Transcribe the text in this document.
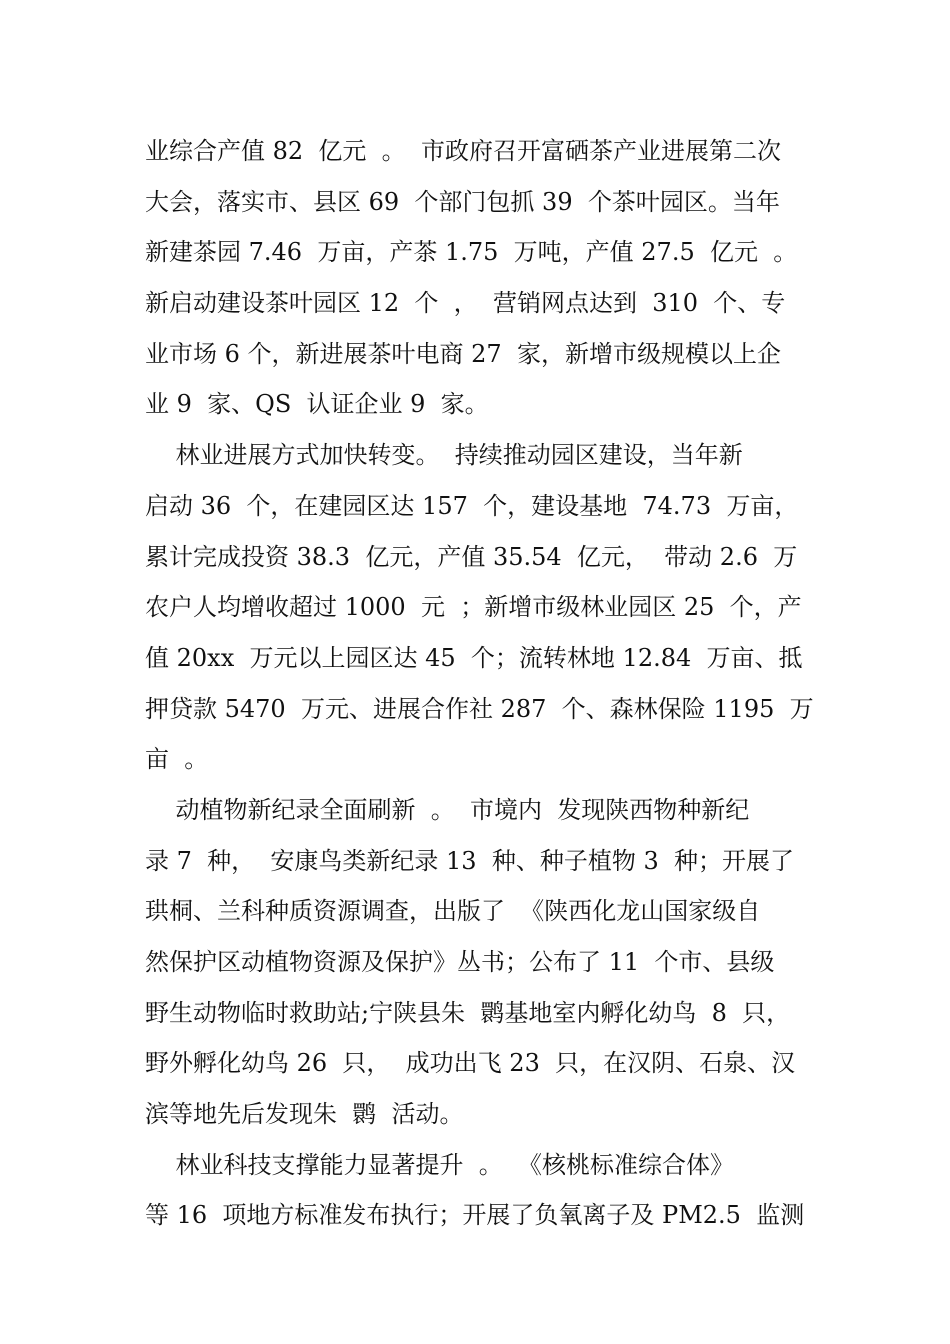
业综合产值 82  亿元  。  市政府召开富硒茶产业进展第二次
大会，落实市、县区 69  个部门包抓 39  个茶叶园区。当年
新建茶园 7.46  万亩，产茶 1.75  万吨，产值 27.5  亿元  。
新启动建设茶叶园区 12  个  ，  营销网点达到  310  个、专
业市场 6 个，新进展茶叶电商 27  家，新增市级规模以上企
业 9  家、QS  认证企业 9  家。
林业进展方式加快转变。  持续推动园区建设，当年新
启动 36  个，在建园区达 157  个，建设基地  74.73  万亩，
累计完成投资 38.3  亿元，产值 35.54  亿元，  带动 2.6  万
农户人均增收超过 1000  元  ；新增市级林业园区 25  个，产
值 20xx  万元以上园区达 45  个；流转林地 12.84  万亩、抵
押贷款 5470  万元、进展合作社 287  个、森林保险 1195  万
亩  。
动植物新纪录全面刷新  。  市境内  发现陕西物种新纪
录 7  种，  安康鸟类新纪录 13  种、种子植物 3  种；开展了
珙桐、兰科种质资源调查，出版了  《陕西化龙山国家级自
然保护区动植物资源及保护》丛书；公布了 11  个市、县级
野生动物临时救助站;宁陕县朱  鹮基地室内孵化幼鸟  8  只，
野外孵化幼鸟 26  只，  成功出飞 23  只，在汉阴、石泉、汉
滨等地先后发现朱  鹮  活动。
林业科技支撑能力显著提升  。  《核桃标准综合体》
等 16  项地方标准发布执行；开展了负氧离子及 PM2.5  监测
